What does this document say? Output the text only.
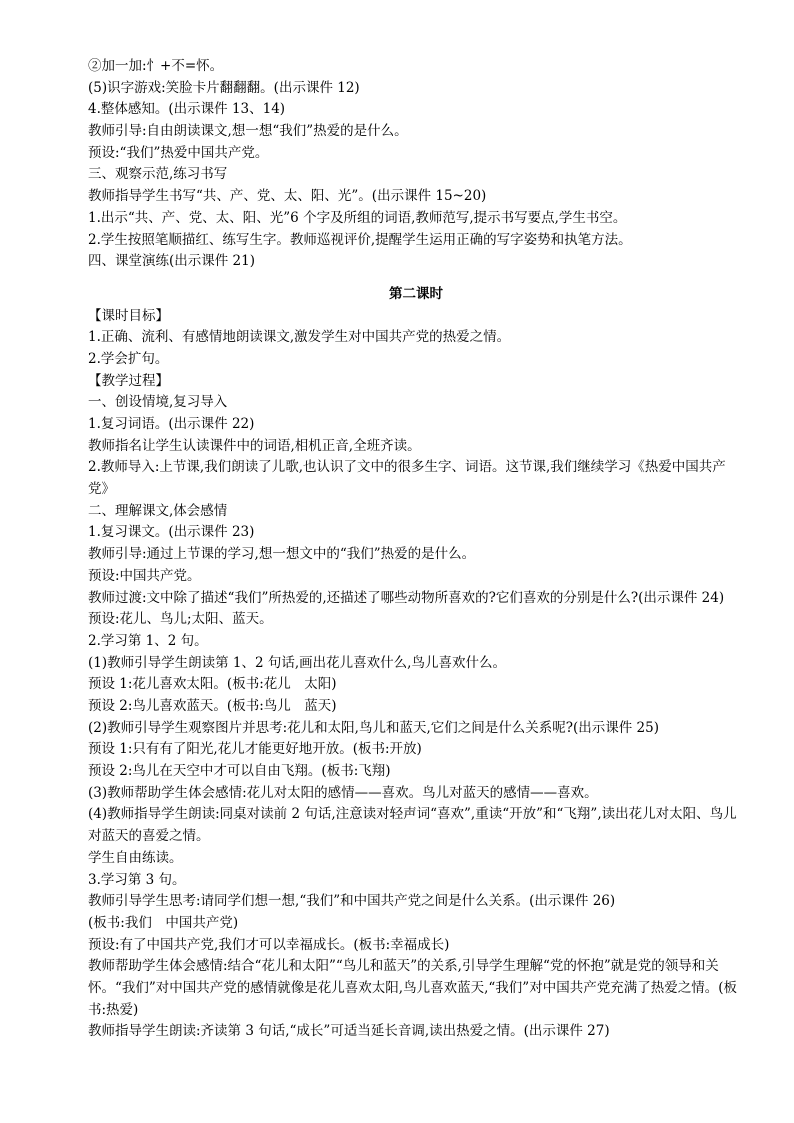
②加一加:忄+不=怀。
(5)识字游戏:笑脸卡片翻翻翻。(出示课件 12)
4.整体感知。(出示课件 13、14)
教师引导:自由朗读课文,想一想“我们”热爱的是什么。
预设:“我们”热爱中国共产党。
三、观察示范,练习书写
教师指导学生书写“共、产、党、太、阳、光”。(出示课件 15~20)
1.出示“共、产、党、太、阳、光”6 个字及所组的词语,教师范写,提示书写要点,学生书空。
2.学生按照笔顺描红、练写生字。教师巡视评价,提醒学生运用正确的写字姿势和执笔方法。
四、课堂演练(出示课件 21)
第二课时
【课时目标】
1.正确、流利、有感情地朗读课文,激发学生对中国共产党的热爱之情。
2.学会扩句。
【教学过程】
一、创设情境,复习导入
1.复习词语。(出示课件 22)
教师指名让学生认读课件中的词语,相机正音,全班齐读。
2.教师导入:上节课,我们朗读了儿歌,也认识了文中的很多生字、词语。这节课,我们继续学习《热爱中国共产党》
二、理解课文,体会感情
1.复习课文。(出示课件 23)
教师引导:通过上节课的学习,想一想文中的“我们”热爱的是什么。
预设:中国共产党。
教师过渡:文中除了描述“我们”所热爱的,还描述了哪些动物所喜欢的?它们喜欢的分别是什么?(出示课件 24)
预设:花儿、鸟儿;太阳、蓝天。
2.学习第 1、2 句。
(1)教师引导学生朗读第 1、2 句话,画出花儿喜欢什么,鸟儿喜欢什么。
预设 1:花儿喜欢太阳。(板书:花儿　太阳)
预设 2:鸟儿喜欢蓝天。(板书:鸟儿　蓝天)
(2)教师引导学生观察图片并思考:花儿和太阳,鸟儿和蓝天,它们之间是什么关系呢?(出示课件 25)
预设 1:只有有了阳光,花儿才能更好地开放。(板书:开放)
预设 2:鸟儿在天空中才可以自由飞翔。(板书:飞翔)
(3)教师帮助学生体会感情:花儿对太阳的感情——喜欢。鸟儿对蓝天的感情——喜欢。
(4)教师指导学生朗读:同桌对读前 2 句话,注意读对轻声词“喜欢”,重读“开放”和“飞翔”,读出花儿对太阳、鸟儿对蓝天的喜爱之情。
学生自由练读。
3.学习第 3 句。
教师引导学生思考:请同学们想一想,“我们”和中国共产党之间是什么关系。(出示课件 26)
(板书:我们　中国共产党)
预设:有了中国共产党,我们才可以幸福成长。(板书:幸福成长)
教师帮助学生体会感情:结合“花儿和太阳”“鸟儿和蓝天”的关系,引导学生理解“党的怀抱”就是党的领导和关怀。“我们”对中国共产党的感情就像是花儿喜欢太阳,鸟儿喜欢蓝天,“我们”对中国共产党充满了热爱之情。(板书:热爱)
教师指导学生朗读:齐读第 3 句话,“成长”可适当延长音调,读出热爱之情。(出示课件 27)
